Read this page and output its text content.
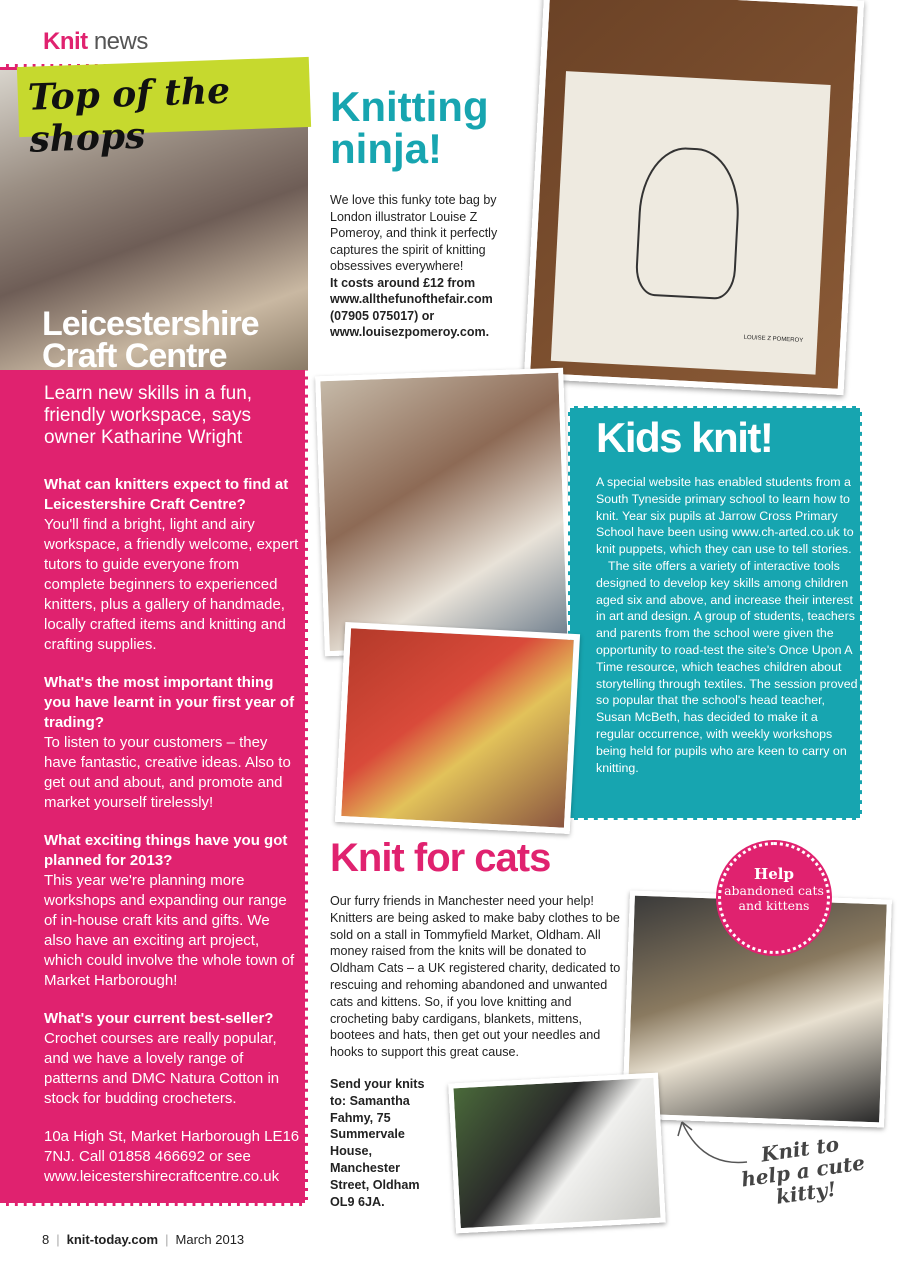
Knit news
Top of the shops
Leicestershire
Craft Centre
Learn new skills in a fun, friendly workspace, says owner Katharine Wright
What can knitters expect to find at Leicestershire Craft Centre?
You'll find a bright, light and airy workspace, a friendly welcome, expert tutors to guide everyone from complete beginners to experienced knitters, plus a gallery of handmade, locally crafted items and knitting and crafting supplies.
What's the most important thing you have learnt in your first year of trading?
To listen to your customers – they have fantastic, creative ideas. Also to get out and about, and promote and market yourself tirelessly!
What exciting things have you got planned for 2013?
This year we're planning more workshops and expanding our range of in-house craft kits and gifts. We also have an exciting art project, which could involve the whole town of Market Harborough!
What's your current best-seller?
Crochet courses are really popular, and we have a lovely range of patterns and DMC Natura Cotton in stock for budding crocheters.
10a High St, Market Harborough LE16 7NJ. Call 01858 466692 or see www.leicestershirecraftcentre.co.uk
LOUISE Z POMEROY
Knitting ninja!
We love this funky tote bag by London illustrator Louise Z Pomeroy, and think it perfectly captures the spirit of knitting obsessives everywhere!
It costs around £12 from www.allthefunofthefair.com (07905 075017) or www.louisezpomeroy.com.
Kids knit!

A special website has enabled students from a South Tyneside primary school to learn how to knit. Year six pupils at Jarrow Cross Primary School have been using www.ch-arted.co.uk to knit puppets, which they can use to tell stories.

The site offers a variety of interactive tools designed to develop key skills among children aged six and above, and increase their interest in art and design. A group of students, teachers and parents from the school were given the opportunity to road-test the site's Once Upon A Time resource, which teaches children about storytelling through textiles. The session proved so popular that the school's head teacher, Susan McBeth, has decided to make it a regular occurrence, with weekly workshops being held for pupils who are keen to carry on knitting.

Knit for cats
Our furry friends in Manchester need your help! Knitters are being asked to make baby clothes to be sold on a stall in Tommyfield Market, Oldham. All money raised from the knits will be donated to Oldham Cats – a UK registered charity, dedicated to rescuing and rehoming abandoned and unwanted cats and kittens. So, if you love knitting and crocheting baby cardigans, blankets, mittens, bootees and hats, then get out your needles and hooks to support this great cause.
Send your knits to: Samantha Fahmy, 75 Summervale House, Manchester Street, Oldham OL9 6JA.
Help
abandoned cats and kittens
Knit to help a cute kitty!
8 | knit-today.com | March 2013
